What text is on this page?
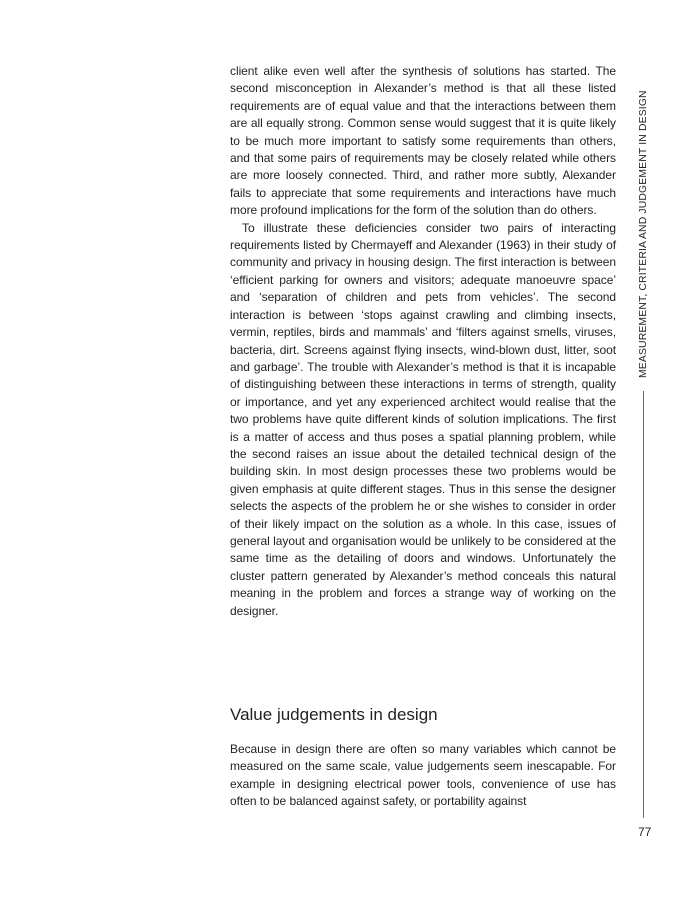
client alike even well after the synthesis of solutions has started. The second misconception in Alexander’s method is that all these listed requirements are of equal value and that the interactions between them are all equally strong. Common sense would suggest that it is quite likely to be much more important to satisfy some requirements than others, and that some pairs of requirements may be closely related while others are more loosely connected. Third, and rather more subtly, Alexander fails to appreciate that some requirements and interactions have much more profound implications for the form of the solution than do others.

To illustrate these deficiencies consider two pairs of interacting requirements listed by Chermayeff and Alexander (1963) in their study of community and privacy in housing design. The first interaction is between ‘efficient parking for owners and visitors; adequate manoeuvre space’ and ‘separation of children and pets from vehicles’. The second interaction is between ‘stops against crawling and climbing insects, vermin, reptiles, birds and mammals’ and ‘filters against smells, viruses, bacteria, dirt. Screens against flying insects, wind-blown dust, litter, soot and garbage’. The trouble with Alexander’s method is that it is incapable of distinguishing between these interactions in terms of strength, quality or importance, and yet any experienced architect would realise that the two problems have quite different kinds of solution implications. The first is a matter of access and thus poses a spatial planning problem, while the second raises an issue about the detailed technical design of the building skin. In most design processes these two problems would be given emphasis at quite different stages. Thus in this sense the designer selects the aspects of the problem he or she wishes to consider in order of their likely impact on the solution as a whole. In this case, issues of general layout and organisation would be unlikely to be considered at the same time as the detailing of doors and windows. Unfortunately the cluster pattern generated by Alexander’s method conceals this natural meaning in the problem and forces a strange way of working on the designer.

Value judgements in design

Because in design there are often so many variables which cannot be measured on the same scale, value judgements seem inescapable. For example in designing electrical power tools, convenience of use has often to be balanced against safety, or portability against

MEASUREMENT, CRITERIA AND JUDGEMENT IN DESIGN
77
